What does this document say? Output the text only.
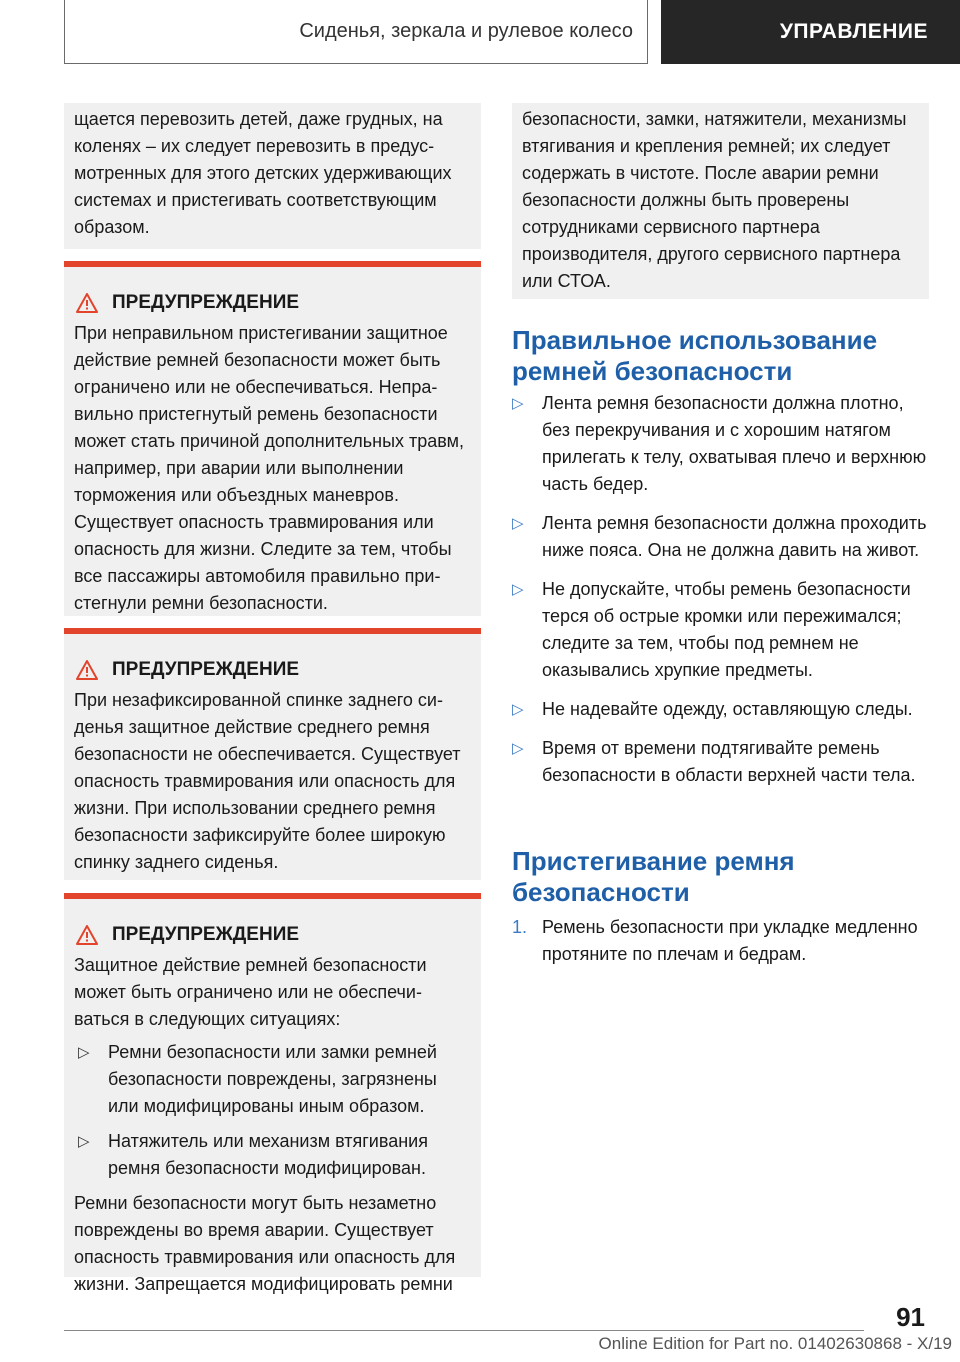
Сиденья, зеркала и рулевое колесо	УПРАВЛЕНИЕ

щается перевозить детей, даже грудных, на коленях – их следует перевозить в предусмотренных для этого детских удерживающих системах и пристегивать соответствующим образом.

ПРЕДУПРЕЖДЕНИЕ

При неправильном пристегивании защитное действие ремней безопасности может быть ограничено или не обеспечиваться. Неправильно пристегнутый ремень безопасности может стать причиной дополнительных травм, например, при аварии или выполнении торможения или объездных маневров. Существует опасность травмирования или опасность для жизни. Следите за тем, чтобы все пассажиры автомобиля правильно пристегнули ремни безопасности.

ПРЕДУПРЕЖДЕНИЕ

При незафиксированной спинке заднего сиденья защитное действие среднего ремня безопасности не обеспечивается. Существует опасность травмирования или опасность для жизни. При использовании среднего ремня безопасности зафиксируйте более широкую спинку заднего сиденья.

ПРЕДУПРЕЖДЕНИЕ

Защитное действие ремней безопасности может быть ограничено или не обеспечиваться в следующих ситуациях:

▷ Ремни безопасности или замки ремней безопасности повреждены, загрязнены или модифицированы иным образом.
▷ Натяжитель или механизм втягивания ремня безопасности модифицирован.

Ремни безопасности могут быть незаметно повреждены во время аварии. Существует опасность травмирования или опасность для жизни. Запрещается модифицировать ремни

безопасности, замки, натяжители, механизмы втягивания и крепления ремней; их следует содержать в чистоте. После аварии ремни безопасности должны быть проверены сотрудниками сервисного партнера производителя, другого сервисного партнера или СТОА.

Правильное использование ремней безопасности
▷ Лента ремня безопасности должна плотно, без перекручивания и с хорошим натягом прилегать к телу, охватывая плечо и верхнюю часть бедер.
▷ Лента ремня безопасности должна проходить ниже пояса. Она не должна давить на живот.
▷ Не допускайте, чтобы ремень безопасности терся об острые кромки или пережимался; следите за тем, чтобы под ремнем не оказывались хрупкие предметы.
▷ Не надевайте одежду, оставляющую следы.
▷ Время от времени подтягивайте ремень безопасности в области верхней части тела.
Пристегивание ремня безопасности
1. Ремень безопасности при укладке медленно протяните по плечам и бедрам.
91
Online Edition for Part no. 01402630868 - X/19
